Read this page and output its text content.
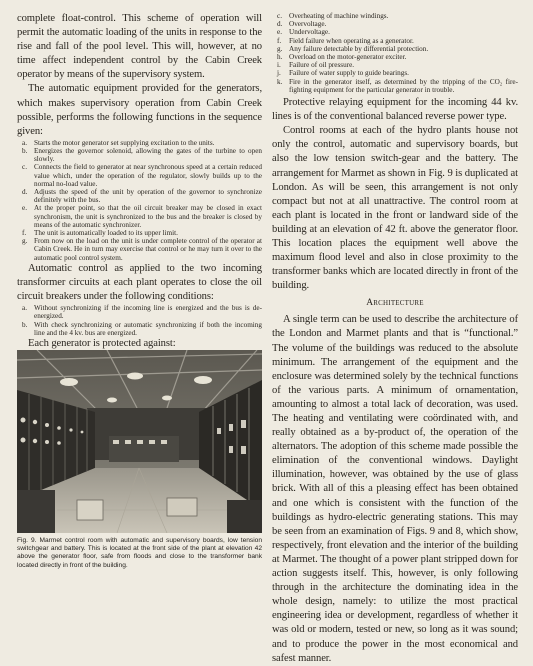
complete float-control. This scheme of operation will permit the automatic loading of the units in response to the rise and fall of the pool level. This will, however, at no time affect independent control by the Cabin Creek operator by means of the supervisory system.

The automatic equipment provided for the generators, which makes supervisory operation from Cabin Creek possible, performs the following functions in the sequence given:

a. Starts the motor generator set supplying excitation to the units.
b. Energizes the governor solenoid, allowing the gates of the turbine to open slowly.
c. Connects the field to generator at near synchronous speed at a certain reduced value which, under the operation of the regulator, slowly builds up to the normal no-load value.
d. Adjusts the speed of the unit by operation of the governor to synchronize definitely with the bus.
e. At the proper point, so that the oil circuit breaker may be closed in exact synchronism, the unit is synchronized to the bus and the breaker is closed by means of the automatic synchronizer.
f. The unit is automatically loaded to its upper limit.
g. From now on the load on the unit is under complete control of the operator at Cabin Creek. He in turn may exercise that control or he may turn it over to the automatic pool control system.

Automatic control as applied to the two incoming transformer circuits at each plant operates to close the oil circuit breakers under the following conditions:

a. Without synchronizing if the incoming line is energized and the bus is de-energized.
b. With check synchronizing or automatic synchronizing if both the incoming line and the 4 kv. bus are energized.

Each generator is protected against:

Fig. 9. Marmet control room with automatic and supervisory boards, low tension switchgear and battery. This is located at the front side of the plant at elevation 42 above the generator floor, safe from floods and close to the transformer bank located directly in front of the building.
c. Overheating of machine windings.
d. Overvoltage.
e. Undervoltage.
f. Field failure when operating as a generator.
g. Any failure detectable by differential protection.
h. Overload on the motor-generator exciter.
i. Failure of oil pressure.
j. Failure of water supply to guide bearings.
k. Fire in the generator itself, as determined by the tripping of the CO₂ fire-fighting equipment for the particular generator in trouble.

Protective relaying equipment for the incoming 44 kv. lines is of the conventional balanced reverse power type.

Control rooms at each of the hydro plants house not only the control, automatic and supervisory boards, but also the low tension switch-gear and the battery. The arrangement for Marmet as shown in Fig. 9 is duplicated at London. As will be seen, this arrangement is not only compact but not at all unattractive. The control room at each plant is located in the front or landward side of the building at an elevation of 42 ft. above the generator floor. This location places the equipment well above the maximum flood level and also in close proximity to the transformer banks which are located directly in front of the building.

Architecture

A single term can be used to describe the architecture of the London and Marmet plants and that is “functional.” The volume of the buildings was reduced to the absolute minimum. The arrangement of the equipment and the enclosure was determined solely by the technical functions of the various parts. A minimum of ornamentation, amounting to almost a total lack of decoration, was used. The heating and ventilating were coördinated with, and really obtained as a by-product of, the operation of the alternators. The adoption of this scheme made possible the elimination of the conventional windows. Daylight illumination, however, was obtained by the use of glass brick. With all of this a pleasing effect has been obtained and one which is consistent with the function of the buildings as hydro-electric generating stations. This may be seen from an examination of Figs. 9 and 8, which show, respectively, front elevation and the interior of the building at Marmet. The thought of a power plant stripped down for action suggests itself. This, however, is only following through in the architecture the dominating idea in the whole design, namely: to utilize the most practical engineering idea or development, regardless of whether it was old or modern, tested or new, so long as it was sound; and to produce the power in the most economical and safest manner.
